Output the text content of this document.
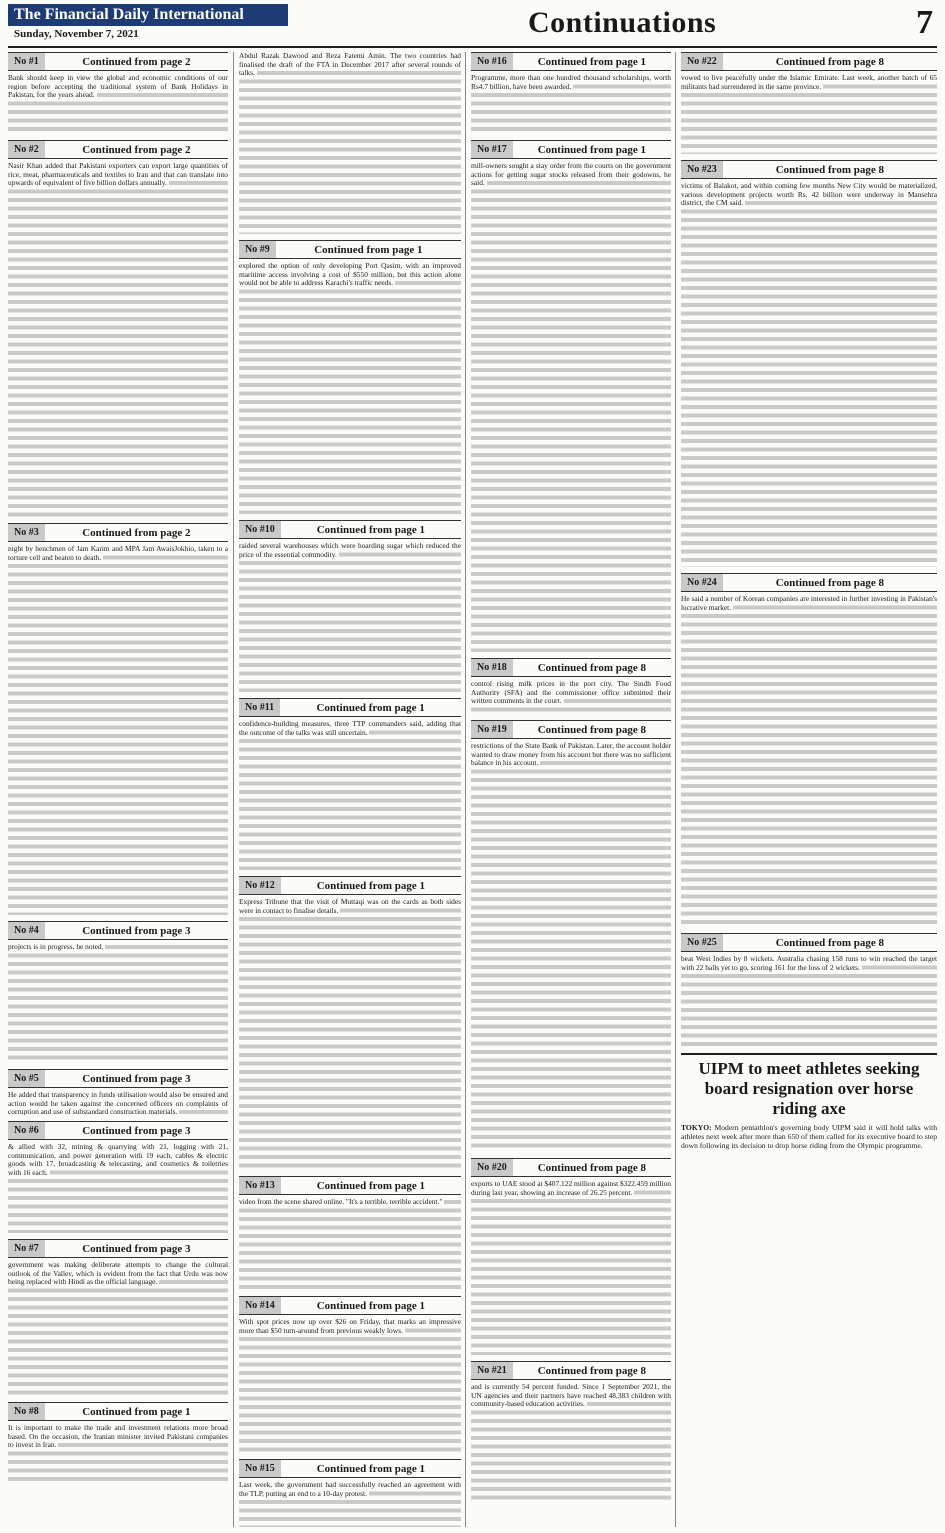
The Financial Daily International
Sunday, November 7, 2021	Continuations	7
No #1	Continued from page 2
Bank should keep in view the global and economic conditions of our region before accepting the traditional system of Bank Holidays in Pakistan, for the years ahead.
No #2	Continued from page 2
Nasir Khan added that Pakistani exporters can export large quantities of rice, meat, pharmaceuticals and textiles to Iran and that can translate into upwards of equivalent of five billion dollars annually.
No #3	Continued from page 2
night by henchmen of Jam Karim and MPA Jam AwaisJokhio, taken to a torture cell and beaten to death.
No #4	Continued from page 3
projects is in progress, he noted.
No #5	Continued from page 3
He added that transparency in funds utilisation would also be ensured and action would be taken against the concerned officers on complaints of corruption and use of substandard construction materials.
No #6	Continued from page 3
& allied with 32, mining & quarrying with 21, logging with 21, communication, and power generation with 19 each, cables & electric goods with 17, broadcasting & telecasting, and cosmetics & toiletries with 16 each.
No #7	Continued from page 3
government was making deliberate attempts to change the cultural outlook of the Valley, which is evident from the fact that Urdu was now being replaced with Hindi as the official language.
No #8	Continued from page 1
It is important to make the trade and investment relations more broad based. On the occasion, the Iranian minister invited Pakistani companies to invest in Iran.
Abdul Razak Dawood and Reza Fatemi Amin. The two countries had finalised the draft of the FTA in December 2017 after several rounds of talks.
No #9	Continued from page 1
explored the option of only developing Port Qasim, with an improved maritime access involving a cost of $550 million, but this action alone would not be able to address Karachi's traffic needs.
No #10	Continued from page 1
raided several warehouses which were hoarding sugar which reduced the price of the essential commodity.
No #11	Continued from page 1
confidence-building measures, three TTP commanders said, adding that the outcome of the talks was still uncertain.
No #12	Continued from page 1
Express Tribune that the visit of Muttaqi was on the cards as both sides were in contact to finalise details.
No #13	Continued from page 1
video from the scene shared online. "It's a terrible, terrible accident."
No #14	Continued from page 1
With spot prices now up over $26 on Friday, that marks an impressive more than $50 turn-around from previous weakly lows.
No #15	Continued from page 1
Last week, the government had successfully reached an agreement with the TLP, putting an end to a 10-day protest.
No #16	Continued from page 1
Programme, more than one hundred thousand scholarships, worth Rs4.7 billion, have been awarded.
No #17	Continued from page 1
mill-owners sought a stay order from the courts on the government actions for getting sugar stocks released from their godowns, he said.
No #18	Continued from page 8
control rising milk prices in the port city. The Sindh Food Authority (SFA) and the commissioner office submitted their written comments in the court.
No #19	Continued from page 8
restrictions of the State Bank of Pakistan. Later, the account holder wanted to draw money from his account but there was no sufficient balance in his account.
No #20	Continued from page 8
exports to UAE stood at $407.122 million against $322.459 million during last year, showing an increase of 26.25 percent.
No #21	Continued from page 8
and is currently 54 percent funded. Since 1 September 2021, the UN agencies and their partners have reached 48,383 children with community-based education activities.
No #22	Continued from page 8
vowed to live peacefully under the Islamic Emirate. Last week, another batch of 65 militants had surrendered in the same province.
No #23	Continued from page 8
victims of Balakot, and within coming few months New City would be materialized, various development projects worth Rs. 42 billion were underway in Mansehra district, the CM said.
No #24	Continued from page 8
He said a number of Korean companies are interested in further investing in Pakistan's lucrative market.
No #25	Continued from page 8
beat West Indies by 8 wickets. Australia chasing 158 runs to win reached the target with 22 balls yet to go, scoring 161 for the loss of 2 wickets.
UIPM to meet athletes seeking board resignation over horse riding axe
TOKYO: Modern pentathlon's governing body UIPM said it will hold talks with athletes next week after more than 650 of them called for its executive board to step down following its decision to drop horse riding from the Olympic programme.
